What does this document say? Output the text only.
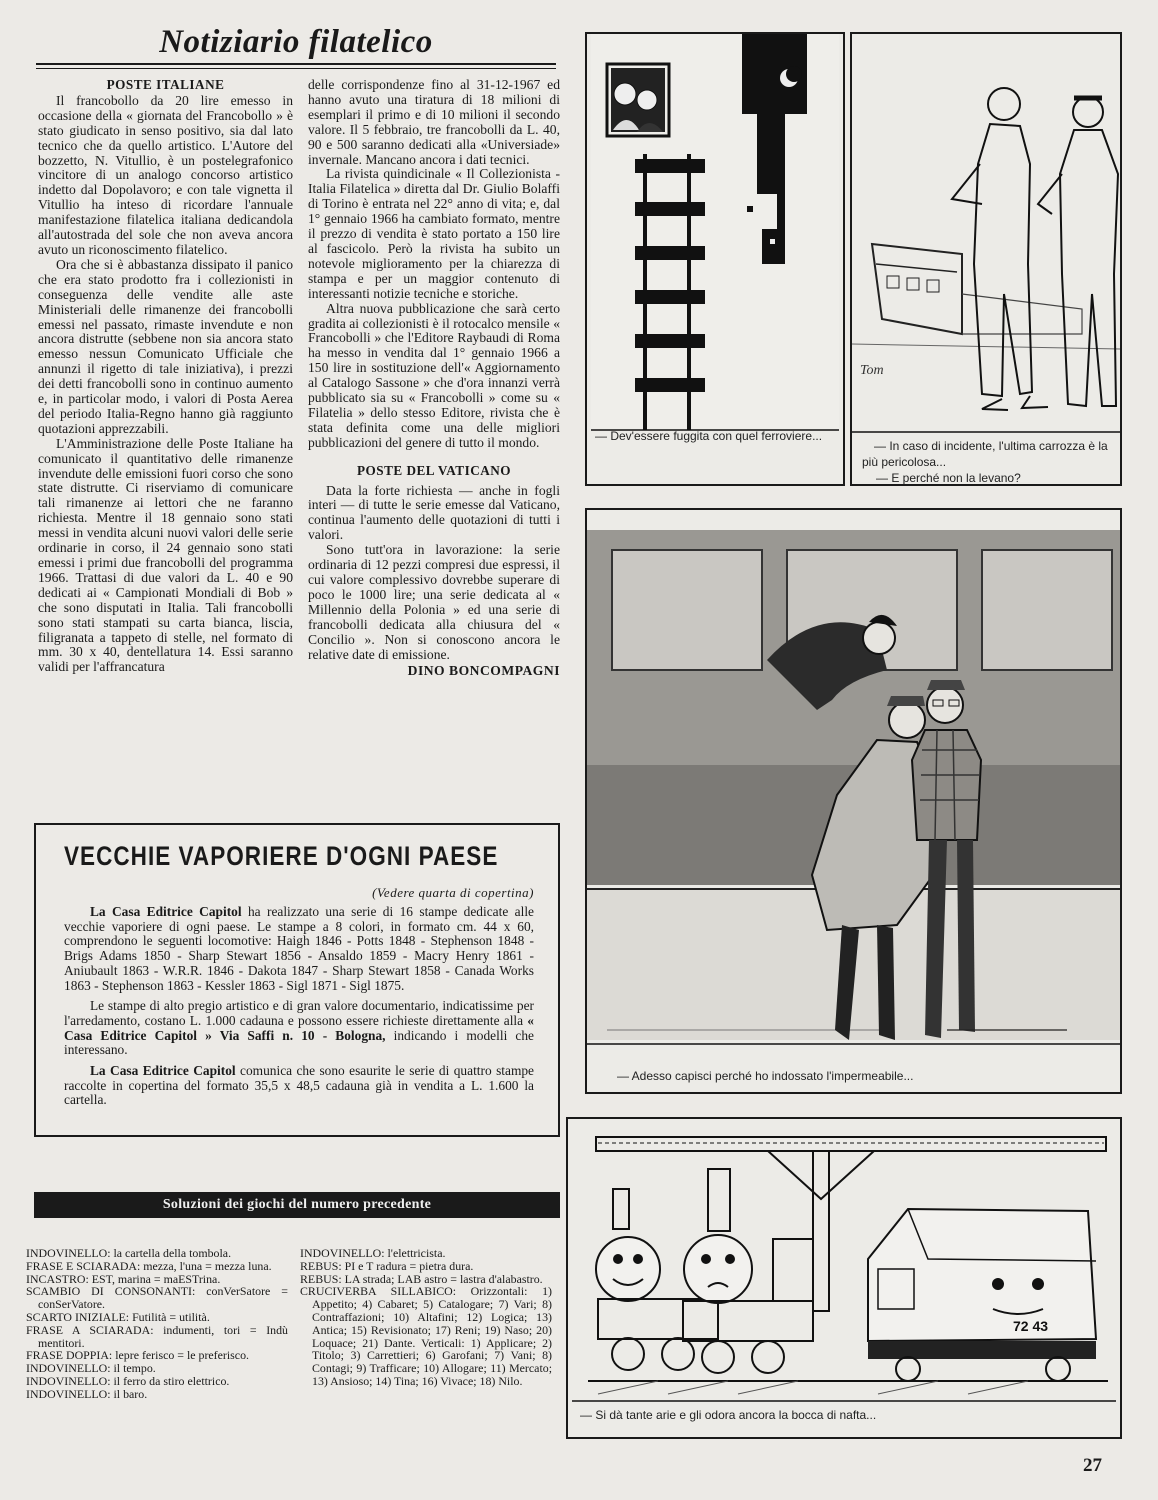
Notiziario filatelico

POSTE ITALIANE

Il francobollo da 20 lire emesso in occasione della « giornata del Francobollo » è stato giudicato in senso positivo, sia dal lato tecnico che da quello artistico. L'Autore del bozzetto, N. Vitullio, è un postelegrafonico vincitore di un analogo concorso artistico indetto dal Dopolavoro; e con tale vignetta il Vitullio ha inteso di ricordare l'annuale manifestazione filatelica italiana dedicandola all'autostrada del sole che non aveva ancora avuto un riconoscimento filatelico.

Ora che si è abbastanza dissipato il panico che era stato prodotto fra i collezionisti in conseguenza delle vendite alle aste Ministeriali delle rimanenze dei francobolli emessi nel passato, rimaste invendute e non ancora distrutte (sebbene non sia ancora stato emesso nessun Comunicato Ufficiale che annunzi il rigetto di tale iniziativa), i prezzi dei detti francobolli sono in continuo aumento e, in particolar modo, i valori di Posta Aerea del periodo Italia-Regno hanno già raggiunto quotazioni apprezzabili.

L'Amministrazione delle Poste Italiane ha comunicato il quantitativo delle rimanenze invendute delle emissioni fuori corso che sono state distrutte. Ci riserviamo di comunicare tali rimanenze ai lettori che ne faranno richiesta. Mentre il 18 gennaio sono stati messi in vendita alcuni nuovi valori delle serie ordinarie in corso, il 24 gennaio sono stati emessi i primi due francobolli del programma 1966. Trattasi di due valori da L. 40 e 90 dedicati ai « Campionati Mondiali di Bob » che sono disputati in Italia. Tali francobolli sono stati stampati su carta bianca, liscia, filigranata a tappeto di stelle, nel formato di mm. 30 x 40, dentellatura 14. Essi saranno validi per l'affrancatura

delle corrispondenze fino al 31-12-1967 ed hanno avuto una tiratura di 18 milioni di esemplari il primo e di 10 milioni il secondo valore. Il 5 febbraio, tre francobolli da L. 40, 90 e 500 saranno dedicati alla «Universiade» invernale. Mancano ancora i dati tecnici.

La rivista quindicinale « Il Collezionista - Italia Filatelica » diretta dal Dr. Giulio Bolaffi di Torino è entrata nel 22° anno di vita; e, dal 1° gennaio 1966 ha cambiato formato, mentre il prezzo di vendita è stato portato a 150 lire al fascicolo. Però la rivista ha subito un notevole miglioramento per la chiarezza di stampa e per un maggior contenuto di interessanti notizie tecniche e storiche.

Altra nuova pubblicazione che sarà certo gradita ai collezionisti è il rotocalco mensile « Francobolli » che l'Editore Raybaudi di Roma ha messo in vendita dal 1° gennaio 1966 a 150 lire in sostituzione dell'« Aggiornamento al Catalogo Sassone » che d'ora innanzi verrà pubblicato sia su « Francobolli » come su « Filatelia » dello stesso Editore, rivista che è stata definita come una delle migliori pubblicazioni del genere di tutto il mondo.

POSTE DEL VATICANO

Data la forte richiesta — anche in fogli interi — di tutte le serie emesse dal Vaticano, continua l'aumento delle quotazioni di tutti i valori.

Sono tutt'ora in lavorazione: la serie ordinaria di 12 pezzi compresi due espressi, il cui valore complessivo dovrebbe superare di poco le 1000 lire; una serie dedicata al « Millennio della Polonia » ed una serie di francobolli dedicata alla chiusura del « Concilio ». Non si conoscono ancora le relative date di emissione.

DINO BONCOMPAGNI

VECCHIE VAPORIERE D'OGNI PAESE
(Vedere quarta di copertina)

La Casa Editrice Capitol ha realizzato una serie di 16 stampe dedicate alle vecchie vaporiere di ogni paese. Le stampe a 8 colori, in formato cm. 44 x 60, comprendono le seguenti locomotive: Haigh 1846 - Potts 1848 - Stephenson 1848 - Brigs Adams 1850 - Sharp Stewart 1856 - Ansaldo 1859 - Macry Henry 1861 - Aniubault 1863 - W.R.R. 1846 - Dakota 1847 - Sharp Stewart 1858 - Canada Works 1863 - Stephenson 1863 - Kessler 1863 - Sigl 1871 - Sigl 1875.

Le stampe di alto pregio artistico e di gran valore documentario, indicatissime per l'arredamento, costano L. 1.000 cadauna e possono essere richieste direttamente alla « Casa Editrice Capitol » Via Saffi n. 10 - Bologna, indicando i modelli che interessano.

La Casa Editrice Capitol comunica che sono esaurite le serie di quattro stampe raccolte in copertina del formato 35,5 x 48,5 cadauna già in vendita a L. 1.600 la cartella.

Soluzioni dei giochi del numero precedente

INDOVINELLO: la cartella della tombola.

FRASE E SCIARADA: mezza, l'una = mezza luna.

INCASTRO: EST, marina = maESTrina.

SCAMBIO DI CONSONANTI: conVerSatore = conSerVatore.

SCARTO INIZIALE: Futilità = utilità.

FRASE A SCIARADA: indumenti, tori = Indù mentitori.

FRASE DOPPIA: lepre ferisco = le preferisco.

INDOVINELLO: il tempo.

INDOVINELLO: il ferro da stiro elettrico.

INDOVINELLO: il baro.

INDOVINELLO: l'elettricista.

REBUS: PI e T radura = pietra dura.

REBUS: LA strada; LAB astro = lastra d'alabastro.

CRUCIVERBA SILLABICO: Orizzontali: 1) Appetito; 4) Cabaret; 5) Catalogare; 7) Vari; 8) Contraffazioni; 10) Altafini; 12) Logica; 13) Antica; 15) Revisionato; 17) Reni; 19) Naso; 20) Loquace; 21) Dante. Verticali: 1) Applicare; 2) Titolo; 3) Carrettieri; 6) Garofani; 7) Vani; 8) Contagi; 9) Trafficare; 10) Allogare; 11) Mercato; 13) Ansioso; 14) Tina; 16) Vivace; 18) Nilo.

— Dev'essere fuggita con quel ferroviere...
Tom
— In caso di incidente, l'ultima carrozza è la più pericolosa...
— E perché non la levano?
— Adesso capisci perché ho indossato l'impermeabile...
72 43
— Si dà tante arie e gli odora ancora la bocca di nafta...
27
